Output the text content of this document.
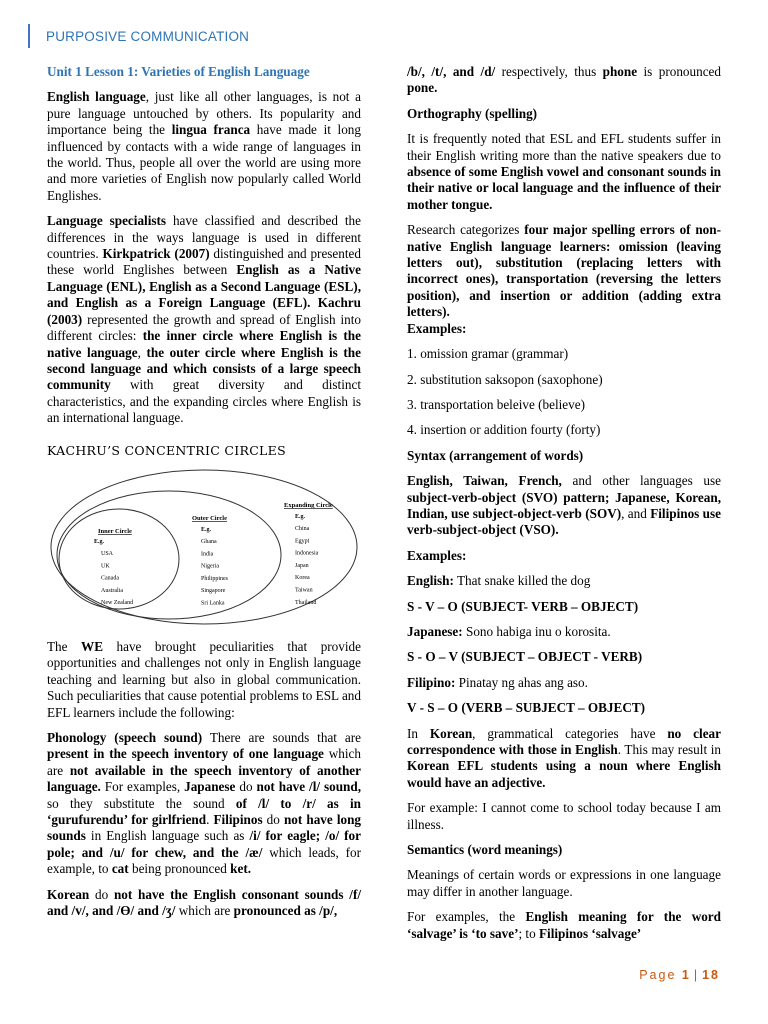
PURPOSIVE COMMUNICATION

Unit 1 Lesson 1: Varieties of English Language

English language, just like all other languages, is not a pure language untouched by others. Its popularity and importance being the lingua franca have made it long influenced by contacts with a wide range of languages in the world. Thus, people all over the world are using more and more varieties of English now popularly called World Englishes.

Language specialists have classified and described the differences in the ways language is used in different countries. Kirkpatrick (2007) distinguished and presented these world Englishes between English as a Native Language (ENL), English as a Second Language (ESL), and English as a Foreign Language (EFL). Kachru (2003) represented the growth and spread of English into different circles: the inner circle where English is the native language, the outer circle where English is the second language and which consists of a large speech community with great diversity and distinct characteristics, and the expanding circles where English is an international language.

KACHRU’S CONCENTRIC CIRCLES
Expanding Circle
E.g.
China
Egypt
Indonesia
Japan
Korea
Taiwan
Thailand
Outer Circle
E.g.
Ghana
India
Nigeria
Philippines
Singapore
Sri Lanka
Inner Circle
E.g.
USA
UK
Canada
Australia
New Zealand

The WE have brought peculiarities that provide opportunities and challenges not only in English language teaching and learning but also in global communication. Such peculiarities that cause potential problems to ESL and EFL learners include the following:

Phonology (speech sound) There are sounds that are present in the speech inventory of one language which are not available in the speech inventory of another language. For examples, Japanese do not have /l/ sound, so they substitute the sound of /l/ to /r/ as in ‘gurufurendu’ for girlfriend. Filipinos do not have long sounds in English language such as /i/ for eagle; /o/ for pole; and /u/ for chew, and the /æ/ which leads, for example, to cat being pronounced ket.

Korean do not have the English consonant sounds /f/ and /v/, and /Ө/ and /ʒ/ which are pronounced as /p/,

/b/, /t/, and /d/ respectively, thus phone is pronounced pone.

Orthography (spelling)

It is frequently noted that ESL and EFL students suffer in their English writing more than the native speakers due to absence of some English vowel and consonant sounds in their native or local language and the influence of their mother tongue.

Research categorizes four major spelling errors of non-native English language learners: omission (leaving letters out), substitution (replacing letters with incorrect ones), transportation (reversing the letters position), and insertion or addition (adding extra letters).
Examples:

1. omission gramar (grammar)

2. substitution saksopon (saxophone)

3. transportation beleive (believe)

4. insertion or addition fourty (forty)

Syntax (arrangement of words)

English, Taiwan, French, and other languages use subject-verb-object (SVO) pattern; Japanese, Korean, Indian, use subject-object-verb (SOV), and Filipinos use verb-subject-object (VSO).

Examples:

English: That snake killed the dog

S - V – O (SUBJECT- VERB – OBJECT)

Japanese: Sono habiga inu o korosita.

S - O – V (SUBJECT – OBJECT - VERB)

Filipino: Pinatay ng ahas ang aso.

V - S – O (VERB – SUBJECT – OBJECT)

In Korean, grammatical categories have no clear correspondence with those in English. This may result in Korean EFL students using a noun where English would have an adjective.

For example: I cannot come to school today because I am illness.

Semantics (word meanings)

Meanings of certain words or expressions in one language may differ in another language.

For examples, the English meaning for the word ‘salvage’ is ‘to save’; to Filipinos ‘salvage’

Page 1 | 18
